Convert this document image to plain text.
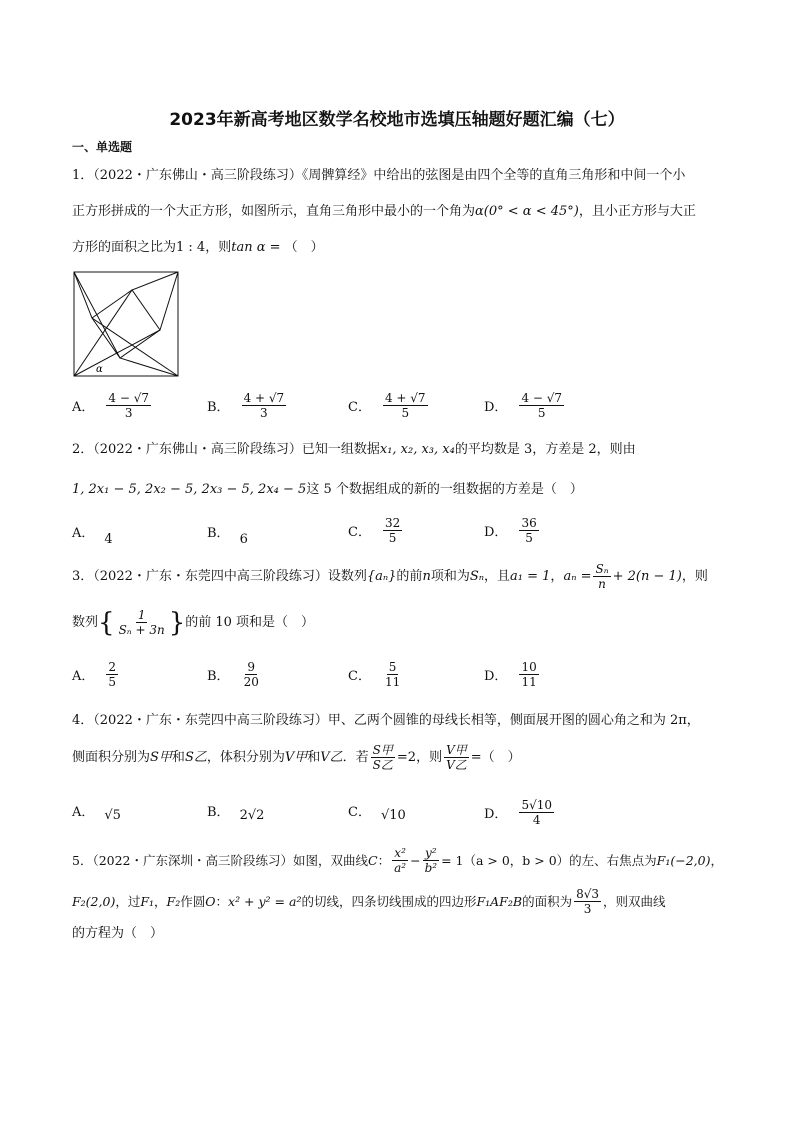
2023年新高考地区数学名校地市选填压轴题好题汇编（七）
一、单选题
1．（2022・广东佛山・高三阶段练习）《周髀算经》中给出的弦图是由四个全等的直角三角形和中间一个小
正方形拼成的一个大正方形，如图所示，直角三角形中最小的一个角为α(0° < α < 45°)，且小正方形与大正
方形的面积之比为1 : 4，则tan α = （　）
α
A． $\frac{4 - √7}{3}$	B． $\frac{4 + √7}{3}$	C． $\frac{4 + √7}{5}$	D． $\frac{4 - √7}{5}$
2．（2022・广东佛山・高三阶段练习）已知一组数据x₁, x₂, x₃, x₄的平均数是 3，方差是 2，则由
1, 2x₁ − 5, 2x₂ − 5, 2x₃ − 5, 2x₄ − 5这 5 个数据组成的新的一组数据的方差是（　）
A． 4	B． 6	C． $\frac{32}{5}$	D． $\frac{36}{5}$
3．（2022・广东・东莞四中高三阶段练习）设数列 {aₙ} 的前 n 项和为 Sₙ ，且 a₁ = 1 ， $a_n = \frac{\text{Sₙ}}{n} + 2(n - 1)$ ，则
数列 { $\frac{1}{\text{Sₙ + 3n}}$ } 的前 10 项和是（　）
A． $\frac{2}{5}$	B． $\frac{9}{20}$	C． $\frac{5}{11}$	D． $\frac{10}{11}$
4．（2022・广东・东莞四中高三阶段练习）甲、乙两个圆锥的母线长相等，侧面展开图的圆心角之和为 2π，
侧面积分别为 S甲 和 S乙 ，体积分别为 V甲 和 V乙 ．若 $\frac{\text{S甲}}{\text{S乙}} =2$，则 $\frac{\text{V甲}}{\text{V乙}}$ =（　）
A． √5	B． 2√2	C． √10	D． $\frac{5√10}{4}$
5．（2022・广东深圳・高三阶段练习）如图，双曲线 C ： $\frac{\text{x²}}{\text{a²}} - \frac{\text{y²}}{\text{b²}} = 1(a > 0$，b > 0）的左、右焦点为 F₁(−2,0) ，
F₂(2,0) ，过 F₁ ， F₂ 作圆 O ： x² + y² = a² 的切线，四条切线围成的四边形 F₁AF₂B 的面积为 $\frac{8√3}{3}$ ，则双曲线
的方程为（　）
